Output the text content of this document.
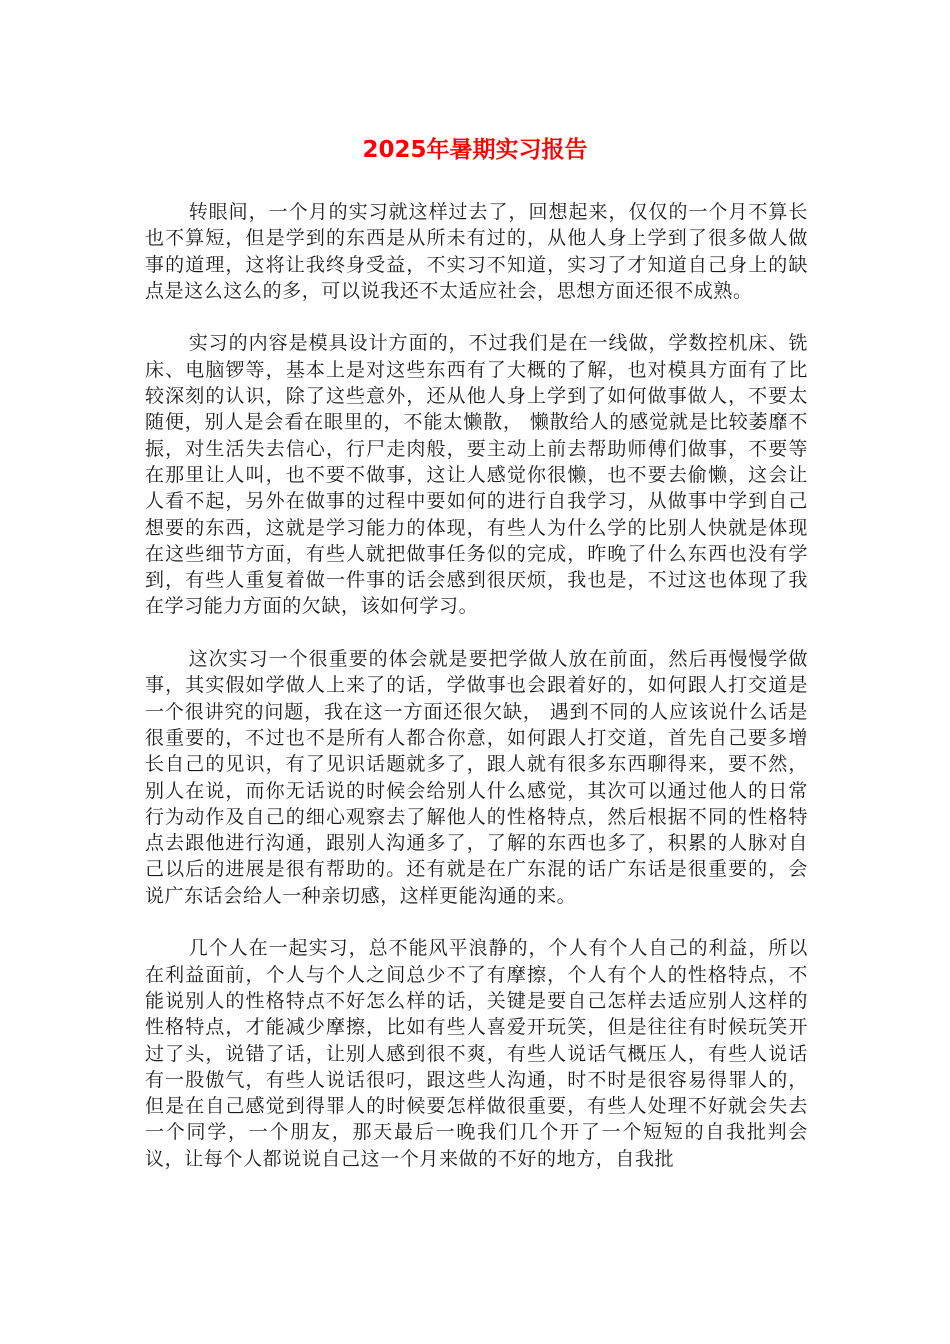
2025年暑期实习报告

转眼间，一个月的实习就这样过去了，回想起来，仅仅的一个月不算长也不算短，但是学到的东西是从所未有过的，从他人身上学到了很多做人做事的道理，这将让我终身受益，不实习不知道，实习了才知道自己身上的缺点是这么这么的多，可以说我还不太适应社会，思想方面还很不成熟。

实习的内容是模具设计方面的，不过我们是在一线做，学数控机床、铣床、电脑锣等，基本上是对这些东西有了大概的了解，也对模具方面有了比较深刻的认识，除了这些意外，还从他人身上学到了如何做事做人，不要太随便，别人是会看在眼里的，不能太懒散， 懒散给人的感觉就是比较萎靡不振，对生活失去信心，行尸走肉般，要主动上前去帮助师傅们做事，不要等在那里让人叫，也不要不做事，这让人感觉你很懒，也不要去偷懒，这会让人看不起，另外在做事的过程中要如何的进行自我学习，从做事中学到自己想要的东西，这就是学习能力的体现，有些人为什么学的比别人快就是体现在这些细节方面，有些人就把做事任务似的完成，昨晚了什么东西也没有学到，有些人重复着做一件事的话会感到很厌烦，我也是，不过这也体现了我在学习能力方面的欠缺，该如何学习。

这次实习一个很重要的体会就是要把学做人放在前面，然后再慢慢学做事，其实假如学做人上来了的话，学做事也会跟着好的，如何跟人打交道是一个很讲究的问题，我在这一方面还很欠缺， 遇到不同的人应该说什么话是很重要的，不过也不是所有人都合你意，如何跟人打交道，首先自己要多增长自己的见识，有了见识话题就多了，跟人就有很多东西聊得来，要不然，别人在说，而你无话说的时候会给别人什么感觉，其次可以通过他人的日常行为动作及自己的细心观察去了解他人的性格特点，然后根据不同的性格特点去跟他进行沟通，跟别人沟通多了，了解的东西也多了，积累的人脉对自己以后的进展是很有帮助的。还有就是在广东混的话广东话是很重要的，会说广东话会给人一种亲切感，这样更能沟通的来。

几个人在一起实习，总不能风平浪静的，个人有个人自己的利益，所以在利益面前，个人与个人之间总少不了有摩擦，个人有个人的性格特点，不能说别人的性格特点不好怎么样的话，关键是要自己怎样去适应别人这样的性格特点，才能减少摩擦，比如有些人喜爱开玩笑，但是往往有时候玩笑开过了头，说错了话，让别人感到很不爽，有些人说话气概压人，有些人说话有一股傲气，有些人说话很叼，跟这些人沟通，时不时是很容易得罪人的，但是在自己感觉到得罪人的时候要怎样做很重要，有些人处理不好就会失去一个同学，一个朋友，那天最后一晚我们几个开了一个短短的自我批判会议，让每个人都说说自己这一个月来做的不好的地方，自我批
